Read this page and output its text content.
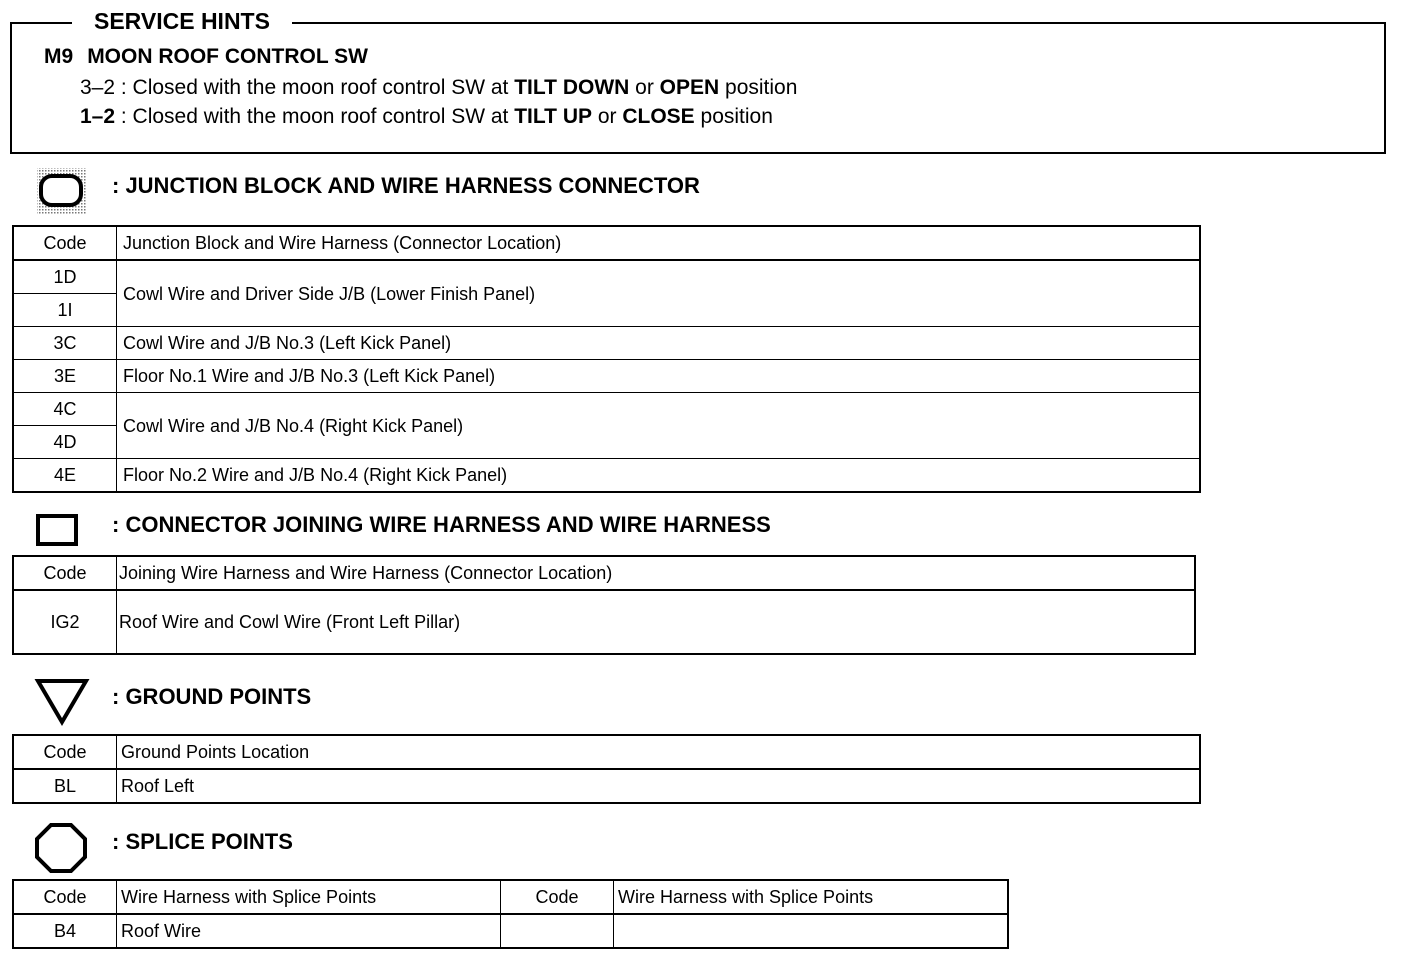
SERVICE HINTS
M9 MOON ROOF CONTROL SW
3–2 : Closed with the moon roof control SW at TILT DOWN or OPEN position
1–2 : Closed with the moon roof control SW at TILT UP or CLOSE position
: JUNCTION BLOCK AND WIRE HARNESS CONNECTOR
Code	Junction Block and Wire Harness (Connector Location)
1D	Cowl Wire and Driver Side J/B (Lower Finish Panel)
1I	
3C	Cowl Wire and J/B No.3 (Left Kick Panel)
3E	Floor No.1 Wire and J/B No.3 (Left Kick Panel)
4C	Cowl Wire and J/B No.4 (Right Kick Panel)
4D	
4E	Floor No.2 Wire and J/B No.4 (Right Kick Panel)
: CONNECTOR JOINING WIRE HARNESS AND WIRE HARNESS
Code	Joining Wire Harness and Wire Harness (Connector Location)
IG2	Roof Wire and Cowl Wire (Front Left Pillar)
: GROUND POINTS
Code	Ground Points Location
BL	Roof Left
: SPLICE POINTS
Code	Wire Harness with Splice Points	Code	Wire Harness with Splice Points
B4	Roof Wire		
